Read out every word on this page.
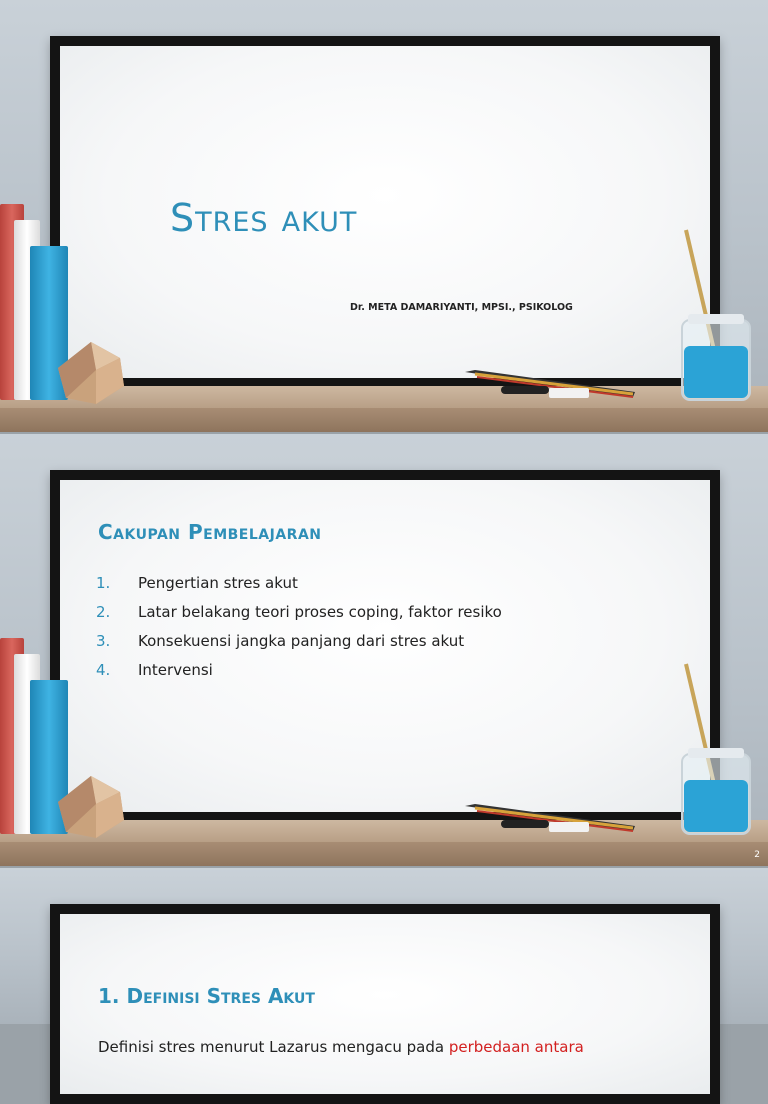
Stres akut
Dr. META DAMARIYANTI, MPSI., PSIKOLOG
Cakupan Pembelajaran
1.	Pengertian stres akut
2.	Latar belakang teori proses coping, faktor resiko
3.	Konsekuensi jangka panjang dari stres akut
4.	Intervensi
2
1. Definisi Stres Akut
Definisi stres menurut Lazarus mengacu pada perbedaan antara
